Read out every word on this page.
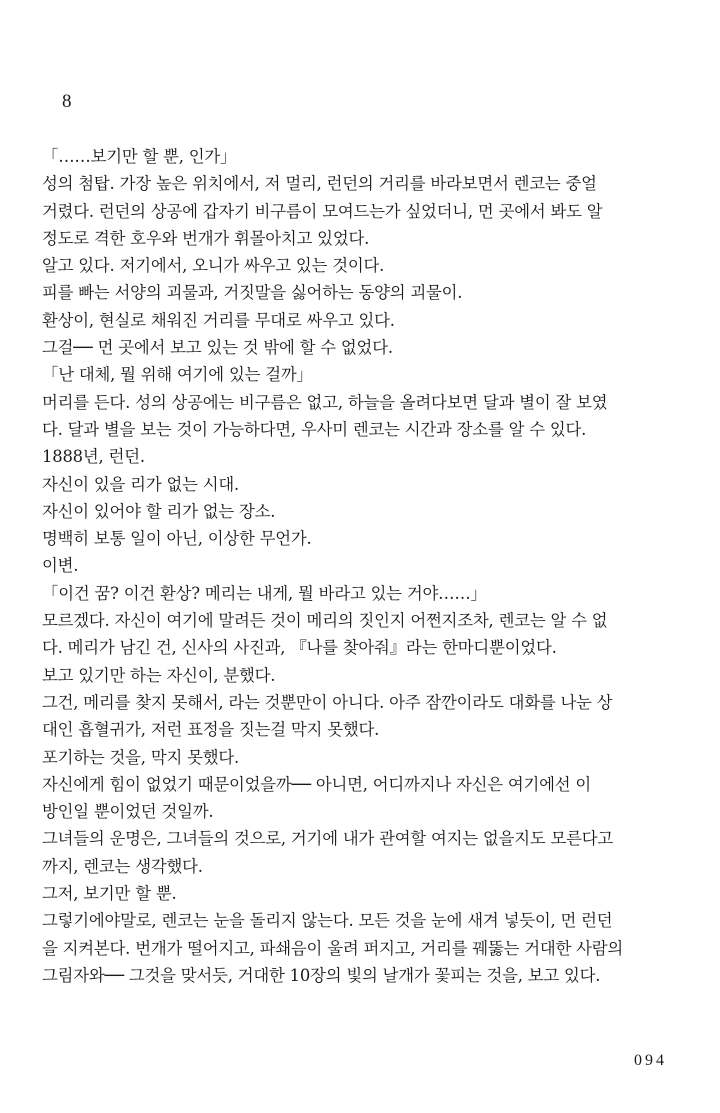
8
「……보기만 할 뿐, 인가」
성의 첨탑. 가장 높은 위치에서, 저 멀리, 런던의 거리를 바라보면서 렌코는 중얼
거렸다. 런던의 상공에 갑자기 비구름이 모여드는가 싶었더니, 먼 곳에서 봐도 알
정도로 격한 호우와 번개가 휘몰아치고 있었다.
알고 있다. 저기에서, 오니가 싸우고 있는 것이다.
피를 빠는 서양의 괴물과, 거짓말을 싫어하는 동양의 괴물이.
환상이, 현실로 채워진 거리를 무대로 싸우고 있다.
그걸── 먼 곳에서 보고 있는 것 밖에 할 수 없었다.
「난 대체, 뭘 위해 여기에 있는 걸까」
머리를 든다. 성의 상공에는 비구름은 없고, 하늘을 올려다보면 달과 별이 잘 보였
다. 달과 별을 보는 것이 가능하다면, 우사미 렌코는 시간과 장소를 알 수 있다.
1888년, 런던.
자신이 있을 리가 없는 시대.
자신이 있어야 할 리가 없는 장소.
명백히 보통 일이 아닌, 이상한 무언가.
이변.
「이건 꿈? 이건 환상? 메리는 내게, 뭘 바라고 있는 거야……」
모르겠다. 자신이 여기에 말려든 것이 메리의 짓인지 어쩐지조차, 렌코는 알 수 없
다. 메리가 남긴 건, 신사의 사진과, 『나를 찾아줘』라는 한마디뿐이었다.
보고 있기만 하는 자신이, 분했다.
그건, 메리를 찾지 못해서, 라는 것뿐만이 아니다. 아주 잠깐이라도 대화를 나눈 상
대인 흡혈귀가, 저런 표정을 짓는걸 막지 못했다.
포기하는 것을, 막지 못했다.
자신에게 힘이 없었기 때문이었을까── 아니면, 어디까지나 자신은 여기에선 이
방인일 뿐이었던 것일까.
그녀들의 운명은, 그녀들의 것으로, 거기에 내가 관여할 여지는 없을지도 모른다고
까지, 렌코는 생각했다.
그저, 보기만 할 뿐.
그렇기에야말로, 렌코는 눈을 돌리지 않는다. 모든 것을 눈에 새겨 넣듯이, 먼 런던
을 지켜본다. 번개가 떨어지고, 파쇄음이 울려 퍼지고, 거리를 꿰뚫는 거대한 사람의
그림자와── 그것을 맞서듯, 거대한 10장의 빛의 날개가 꽃피는 것을, 보고 있다.
094
